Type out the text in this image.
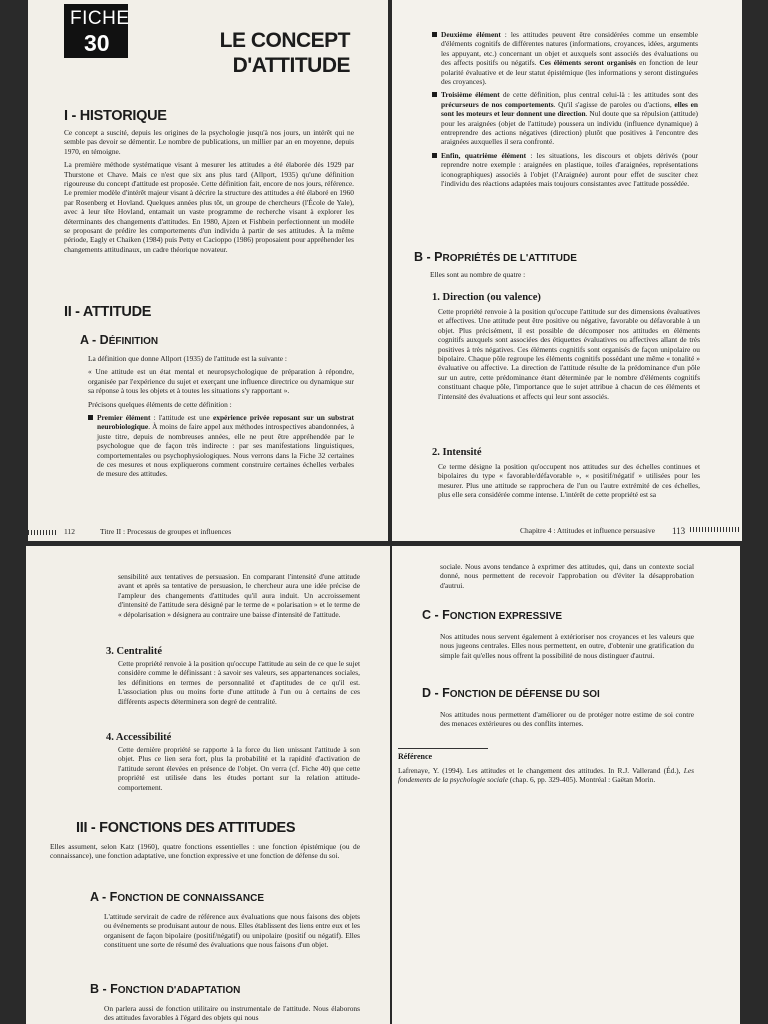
FICHE
30	LE CONCEPT
D'ATTITUDE
I - HISTORIQUE

Ce concept a suscité, depuis les origines de la psychologie jusqu'à nos jours, un intérêt qui ne semble pas devoir se démentir. Le nombre de publications, un millier par an en moyenne, depuis 1970, en témoigne.

La première méthode systématique visant à mesurer les attitudes a été élaborée dès 1929 par Thurstone et Chave. Mais ce n'est que six ans plus tard (Allport, 1935) qu'une définition rigoureuse du concept d'attitude est proposée. Cette définition fait, encore de nos jours, référence. Le premier modèle d'intérêt majeur visant à décrire la structure des attitudes a été élaboré en 1960 par Rosenberg et Hovland. Quelques années plus tôt, un groupe de chercheurs (l'École de Yale), avec à leur tête Hovland, entamait un vaste programme de recherche visant à explorer les déterminants des changements d'attitudes. En 1980, Ajzen et Fishbein perfectionnent un modèle se proposant de prédire les comportements d'un individu à partir de ses attitudes. À la même période, Eagly et Chaiken (1984) puis Petty et Cacioppo (1986) proposaient pour appréhender les changements attitudinaux, un cadre théorique novateur.

II - ATTITUDE
A - DÉFINITION

La définition que donne Allport (1935) de l'attitude est la suivante :

« Une attitude est un état mental et neuropsychologique de préparation à répondre, organisée par l'expérience du sujet et exerçant une influence directrice ou dynamique sur sa réponse à tous les objets et à toutes les situations s'y rapportant ».

Précisons quelques éléments de cette définition :

Premier élément : l'attitude est une expérience privée reposant sur un substrat neurobiologique. À moins de faire appel aux méthodes introspectives abandonnées, à juste titre, depuis de nombreuses années, elle ne peut être appréhendée par le psychologue que de façon très indirecte : par ses manifestations linguistiques, comportementales ou psychophysiologiques. Nous verrons dans la Fiche 32 certaines de ces mesures et nous expliquerons comment construire certaines échelles verbales de mesure des attitudes.

112	Titre II : Processus de groupes et influences

Deuxième élément : les attitudes peuvent être considérées comme un ensemble d'éléments cognitifs de différentes natures (informations, croyances, idées, arguments les appuyant, etc.) concernant un objet et auxquels sont associés des évaluations ou des affects positifs ou négatifs. Ces éléments seront organisés en fonction de leur polarité évaluative et de leur statut épistémique (les informations y seront distinguées des croyances).

Troisième élément de cette définition, plus central celui-là : les attitudes sont des précurseurs de nos comportements. Qu'il s'agisse de paroles ou d'actions, elles en sont les moteurs et leur donnent une direction. Nul doute que sa répulsion (attitude) pour les araignées (objet de l'attitude) poussera un individu (influence dynamique) à entreprendre des actions négatives (direction) plutôt que positives à l'encontre des araignées auxquelles il sera confronté.

Enfin, quatrième élément : les situations, les discours et objets dérivés (pour reprendre notre exemple : araignées en plastique, toiles d'araignées, représentations iconographiques) associés à l'objet (l'Araignée) auront pour effet de susciter chez l'individu des réactions adaptées mais toujours consistantes avec l'attitude possédée.

B - PROPRIÉTÉS DE L'ATTITUDE
Elles sont au nombre de quatre :
1. Direction (ou valence)
Cette propriété renvoie à la position qu'occupe l'attitude sur des dimensions évaluatives et affectives. Une attitude peut être positive ou négative, favorable ou défavorable à un objet. Plus précisément, il est possible de décomposer nos attitudes en éléments cognitifs auxquels sont associées des étiquettes évaluatives ou affectives allant de très positives à très négatives. Ces éléments cognitifs sont organisés de façon unipolaire ou bipolaire. Chaque pôle regroupe les éléments cognitifs possédant une même « tonalité » évaluative ou affective. La direction de l'attitude résulte de la prédominance d'un pôle sur un autre, cette prédominance étant déterminée par le nombre d'éléments cognitifs constituant chaque pôle, l'importance que le sujet attribue à chacun de ces éléments et l'intensité des évaluations et affects qui leur sont associés.
2. Intensité
Ce terme désigne la position qu'occupent nos attitudes sur des échelles continues et bipolaires du type « favorable/défavorable », « positif/négatif » utilisées pour les mesurer. Plus une attitude se rapprochera de l'un ou l'autre extrémité de ces échelles, plus elle sera considérée comme intense. L'intérêt de cette propriété est sa
Chapitre 4 : Attitudes et influence persuasive 113
sensibilité aux tentatives de persuasion. En comparant l'intensité d'une attitude avant et après sa tentative de persuasion, le chercheur aura une idée précise de l'ampleur des changements d'attitudes qu'il aura induit. Un accroissement d'intensité de l'attitude sera désigné par le terme de « polarisation » et le terme de « dépolarisation » désignera au contraire une baisse d'intensité de l'attitude.
3. Centralité
Cette propriété renvoie à la position qu'occupe l'attitude au sein de ce que le sujet considère comme le définissant : à savoir ses valeurs, ses appartenances sociales, les définitions en termes de personnalité et d'aptitudes de ce qu'il est. L'association plus ou moins forte d'une attitude à l'un ou à certains de ces différents aspects déterminera son degré de centralité.
4. Accessibilité
Cette dernière propriété se rapporte à la force du lien unissant l'attitude à son objet. Plus ce lien sera fort, plus la probabilité et la rapidité d'activation de l'attitude seront élevées en présence de l'objet. On verra (cf. Fiche 40) que cette propriété est utilisée dans les études portant sur la relation attitude-comportement.
III - FONCTIONS DES ATTITUDES
Elles assument, selon Katz (1960), quatre fonctions essentielles : une fonction épistémique (ou de connaissance), une fonction adaptative, une fonction expressive et une fonction de défense du soi.
A - FONCTION DE CONNAISSANCE
L'attitude servirait de cadre de référence aux évaluations que nous faisons des objets ou événements se produisant autour de nous. Elles établissent des liens entre eux et les organisent de façon bipolaire (positif/négatif) ou unipolaire (positif ou négatif). Elles constituent une sorte de résumé des évaluations que nous faisons d'un objet.
B - FONCTION D'ADAPTATION
On parlera aussi de fonction utilitaire ou instrumentale de l'attitude. Nous élaborons des attitudes favorables à l'égard des objets qui nous
sociale. Nous avons tendance à exprimer des attitudes, qui, dans un contexte social donné, nous permettent de recevoir l'approbation ou d'éviter la désapprobation d'autrui.
C - FONCTION EXPRESSIVE
Nos attitudes nous servent également à extérioriser nos croyances et les valeurs que nous jugeons centrales. Elles nous permettent, en outre, d'obtenir une gratification du simple fait qu'elles nous offrent la possibilité de nous distinguer d'autrui.
D - FONCTION DE DÉFENSE DU SOI
Nos attitudes nous permettent d'améliorer ou de protéger notre estime de soi contre des menaces extérieures ou des conflits internes.
Référence
Lafrenaye, Y. (1994). Les attitudes et le changement des attitudes. In R.J. Vallerand (Éd.), Les fondements de la psychologie sociale (chap. 6, pp. 329-405). Montréal : Gaëtan Morin.
